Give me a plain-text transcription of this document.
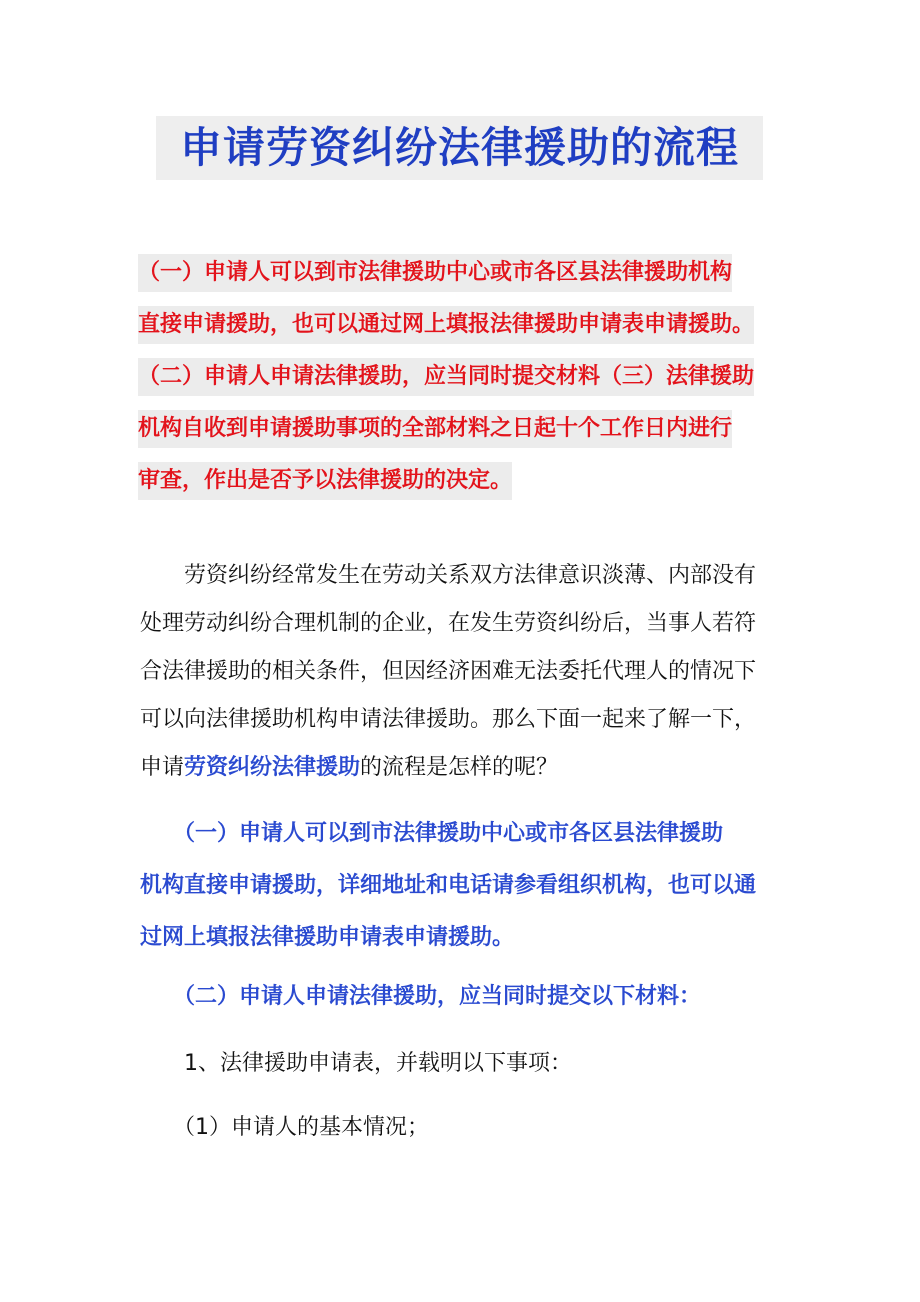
申请劳资纠纷法律援助的流程
（一）申请人可以到市法律援助中心或市各区县法律援助机构
直接申请援助，也可以通过网上填报法律援助申请表申请援助。
（二）申请人申请法律援助，应当同时提交材料（三）法律援助
机构自收到申请援助事项的全部材料之日起十个工作日内进行
审查，作出是否予以法律援助的决定。
　　劳资纠纷经常发生在劳动关系双方法律意识淡薄、内部没有
处理劳动纠纷合理机制的企业，在发生劳资纠纷后，当事人若符
合法律援助的相关条件，但因经济困难无法委托代理人的情况下
可以向法律援助机构申请法律援助。那么下面一起来了解一下，
申请劳资纠纷法律援助的流程是怎样的呢？
　　（一）申请人可以到市法律援助中心或市各区县法律援助
机构直接申请援助，详细地址和电话请参看组织机构，也可以通
过网上填报法律援助申请表申请援助。
　　（二）申请人申请法律援助，应当同时提交以下材料：
　　1、法律援助申请表，并载明以下事项：
　　（1）申请人的基本情况；
